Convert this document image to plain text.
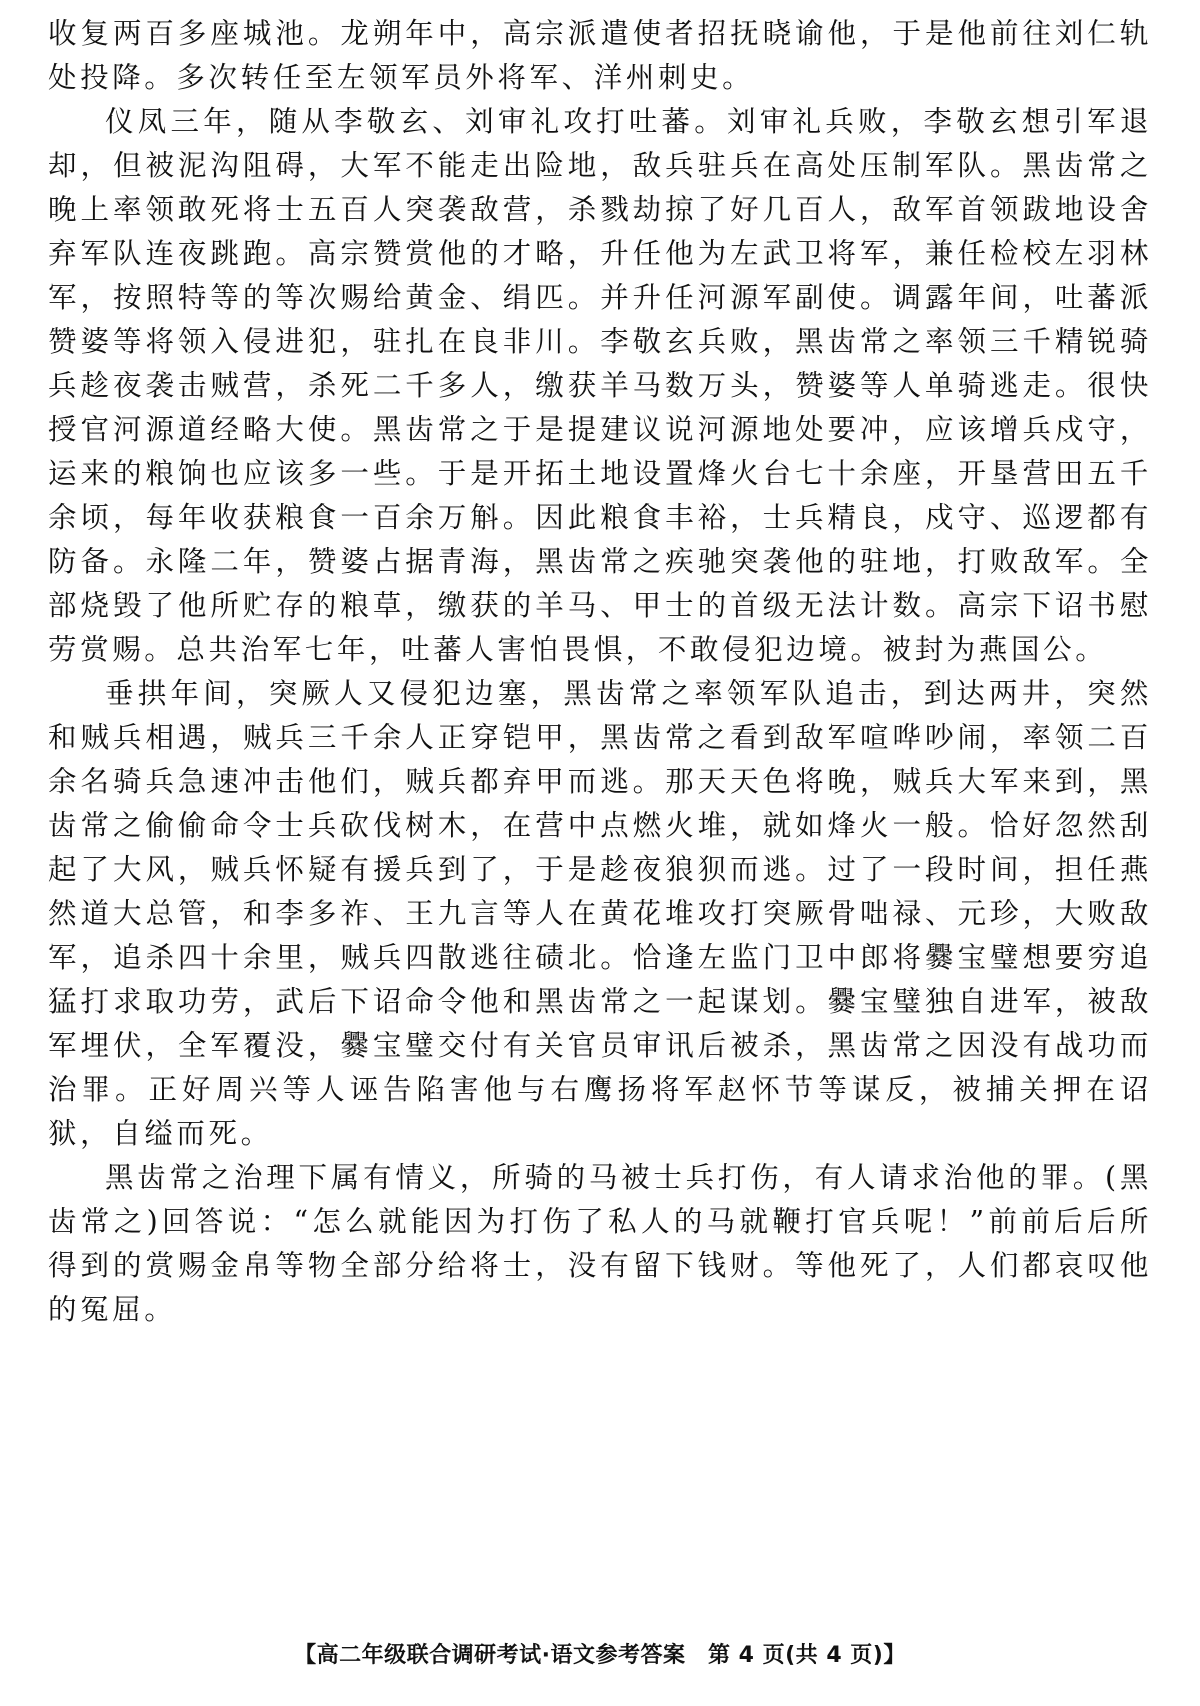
收复两百多座城池。龙朔年中，高宗派遣使者招抚晓谕他，于是他前往刘仁轨处投降。多次转任至左领军员外将军、洋州刺史。

仪凤三年，随从李敬玄、刘审礼攻打吐蕃。刘审礼兵败，李敬玄想引军退却，但被泥沟阻碍，大军不能走出险地，敌兵驻兵在高处压制军队。黑齿常之晚上率领敢死将士五百人突袭敌营，杀戮劫掠了好几百人，敌军首领跋地设舍弃军队连夜跳跑。高宗赞赏他的才略，升任他为左武卫将军，兼任检校左羽林军，按照特等的等次赐给黄金、绢匹。并升任河源军副使。调露年间，吐蕃派赞婆等将领入侵进犯，驻扎在良非川。李敬玄兵败，黑齿常之率领三千精锐骑兵趁夜袭击贼营，杀死二千多人，缴获羊马数万头，赞婆等人单骑逃走。很快授官河源道经略大使。黑齿常之于是提建议说河源地处要冲，应该增兵戍守，运来的粮饷也应该多一些。于是开拓土地设置烽火台七十余座，开垦营田五千余顷，每年收获粮食一百余万斛。因此粮食丰裕，士兵精良，戍守、巡逻都有防备。永隆二年，赞婆占据青海，黑齿常之疾驰突袭他的驻地，打败敌军。全部烧毁了他所贮存的粮草，缴获的羊马、甲士的首级无法计数。高宗下诏书慰劳赏赐。总共治军七年，吐蕃人害怕畏惧，不敢侵犯边境。被封为燕国公。

垂拱年间，突厥人又侵犯边塞，黑齿常之率领军队追击，到达两井，突然和贼兵相遇，贼兵三千余人正穿铠甲，黑齿常之看到敌军喧哗吵闹，率领二百余名骑兵急速冲击他们，贼兵都弃甲而逃。那天天色将晚，贼兵大军来到，黑齿常之偷偷命令士兵砍伐树木，在营中点燃火堆，就如烽火一般。恰好忽然刮起了大风，贼兵怀疑有援兵到了，于是趁夜狼狈而逃。过了一段时间，担任燕然道大总管，和李多祚、王九言等人在黄花堆攻打突厥骨咄禄、元珍，大败敌军，追杀四十余里，贼兵四散逃往碛北。恰逢左监门卫中郎将爨宝璧想要穷追猛打求取功劳，武后下诏命令他和黑齿常之一起谋划。爨宝璧独自进军，被敌军埋伏，全军覆没，爨宝璧交付有关官员审讯后被杀，黑齿常之因没有战功而治罪。正好周兴等人诬告陷害他与右鹰扬将军赵怀节等谋反，被捕关押在诏狱，自缢而死。

黑齿常之治理下属有情义，所骑的马被士兵打伤，有人请求治他的罪。(黑齿常之)回答说：“怎么就能因为打伤了私人的马就鞭打官兵呢！”前前后后所得到的赏赐金帛等物全部分给将士，没有留下钱财。等他死了，人们都哀叹他的冤屈。

【高二年级联合调研考试·语文参考答案　第 4 页(共 4 页)】
